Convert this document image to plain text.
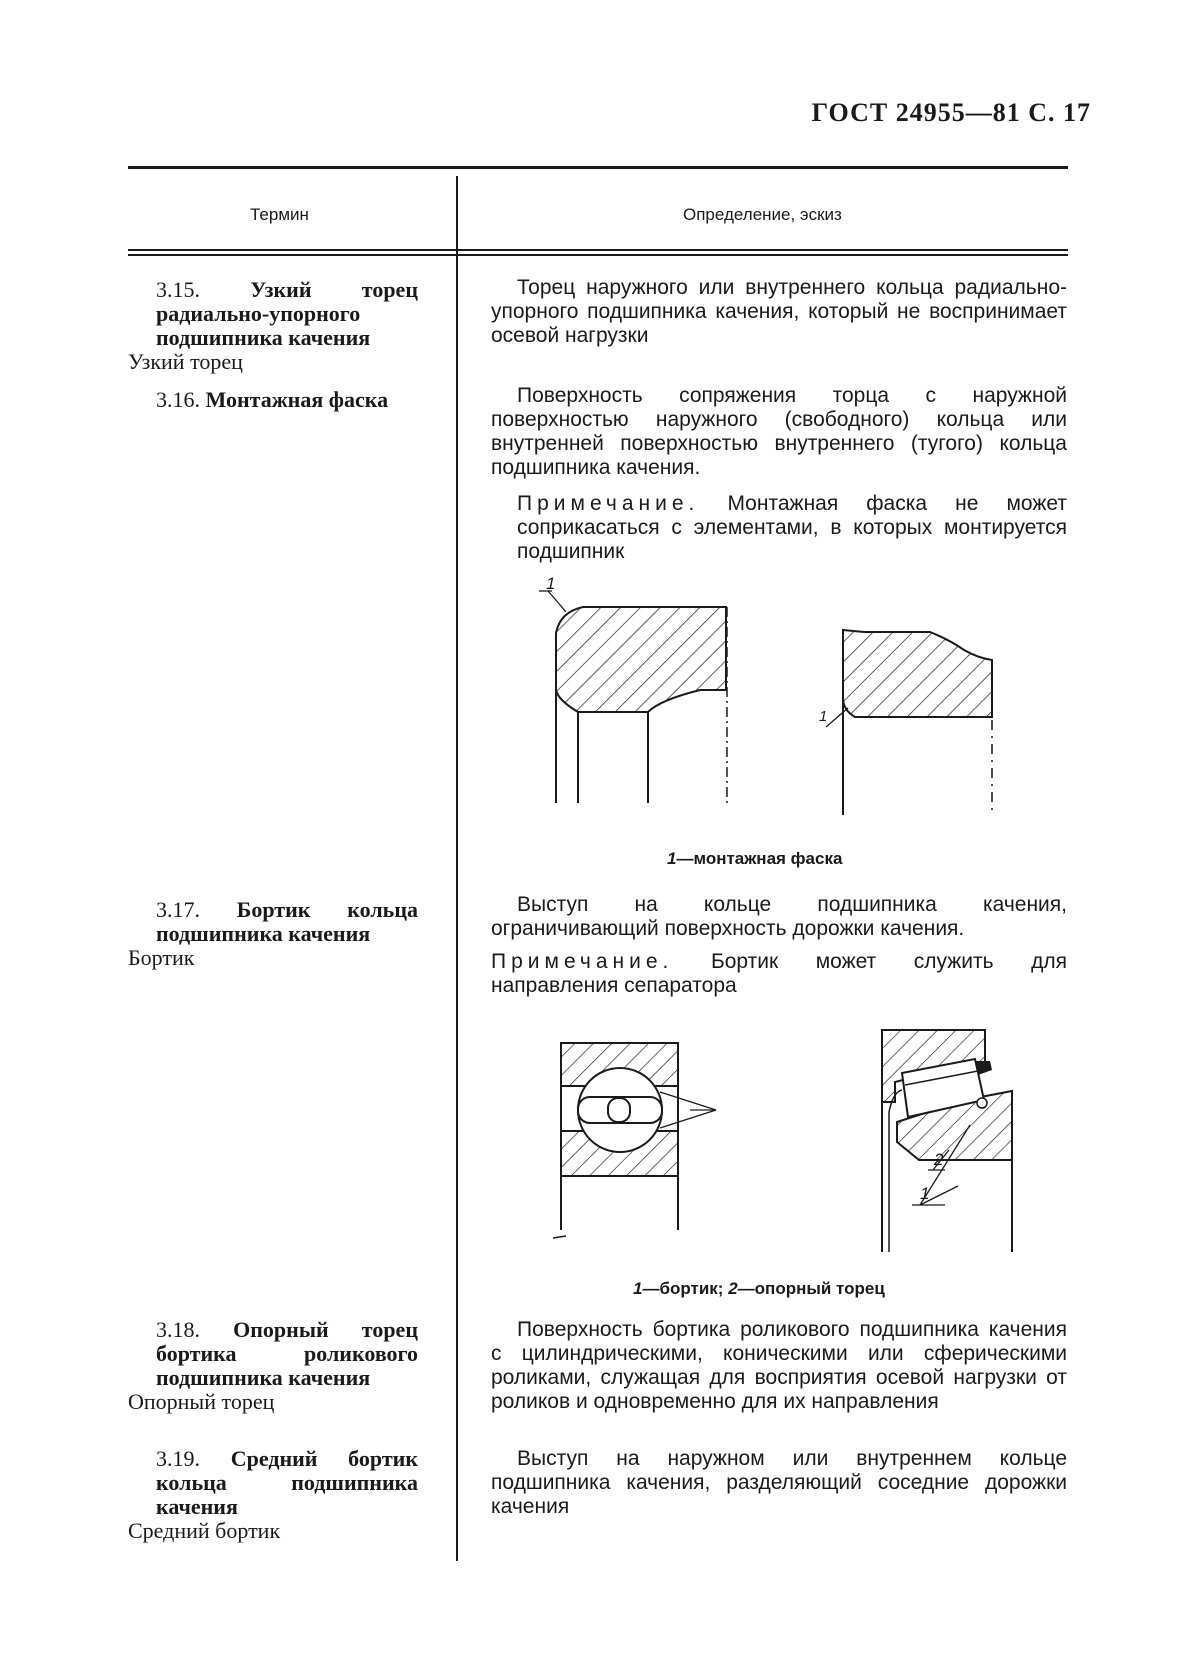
ГОСТ 24955—81 С. 17
Термин	Определение, эскиз

3.15. Узкий торец радиально-упорного подшипника качения

Узкий торец

Торец наружного или внутреннего кольца радиально-упорного подшипника качения, который не воспринимает осевой нагрузки

3.16. Монтажная фаска	Поверхность сопряжения торца с наружной поверхностью наружного (свободного) кольца или внутренней поверхностью внутреннего (тугого) кольца подшипника качения.

Примечание. Монтажная фаска не может соприкасаться с элементами, в которых монтируется подшипник

1
1
1—монтажная фаска

3.17. Бортик кольца подшипника качения

Бортик

Выступ на кольце подшипника качения, ограничивающий поверхность дорожки качения.

Примечание. Бортик может служить для направления сепаратора

2
1
1—бортик; 2—опорный торец

3.18. Опорный торец бортика роликового подшипника качения

Опорный торец

Поверхность бортика роликового подшипника качения с цилиндрическими, коническими или сферическими роликами, служащая для восприятия осевой нагрузки от роликов и одновременно для их направления

3.19. Средний бортик кольца подшипника качения

Средний бортик

Выступ на наружном или внутреннем кольце подшипника качения, разделяющий соседние дорожки качения
